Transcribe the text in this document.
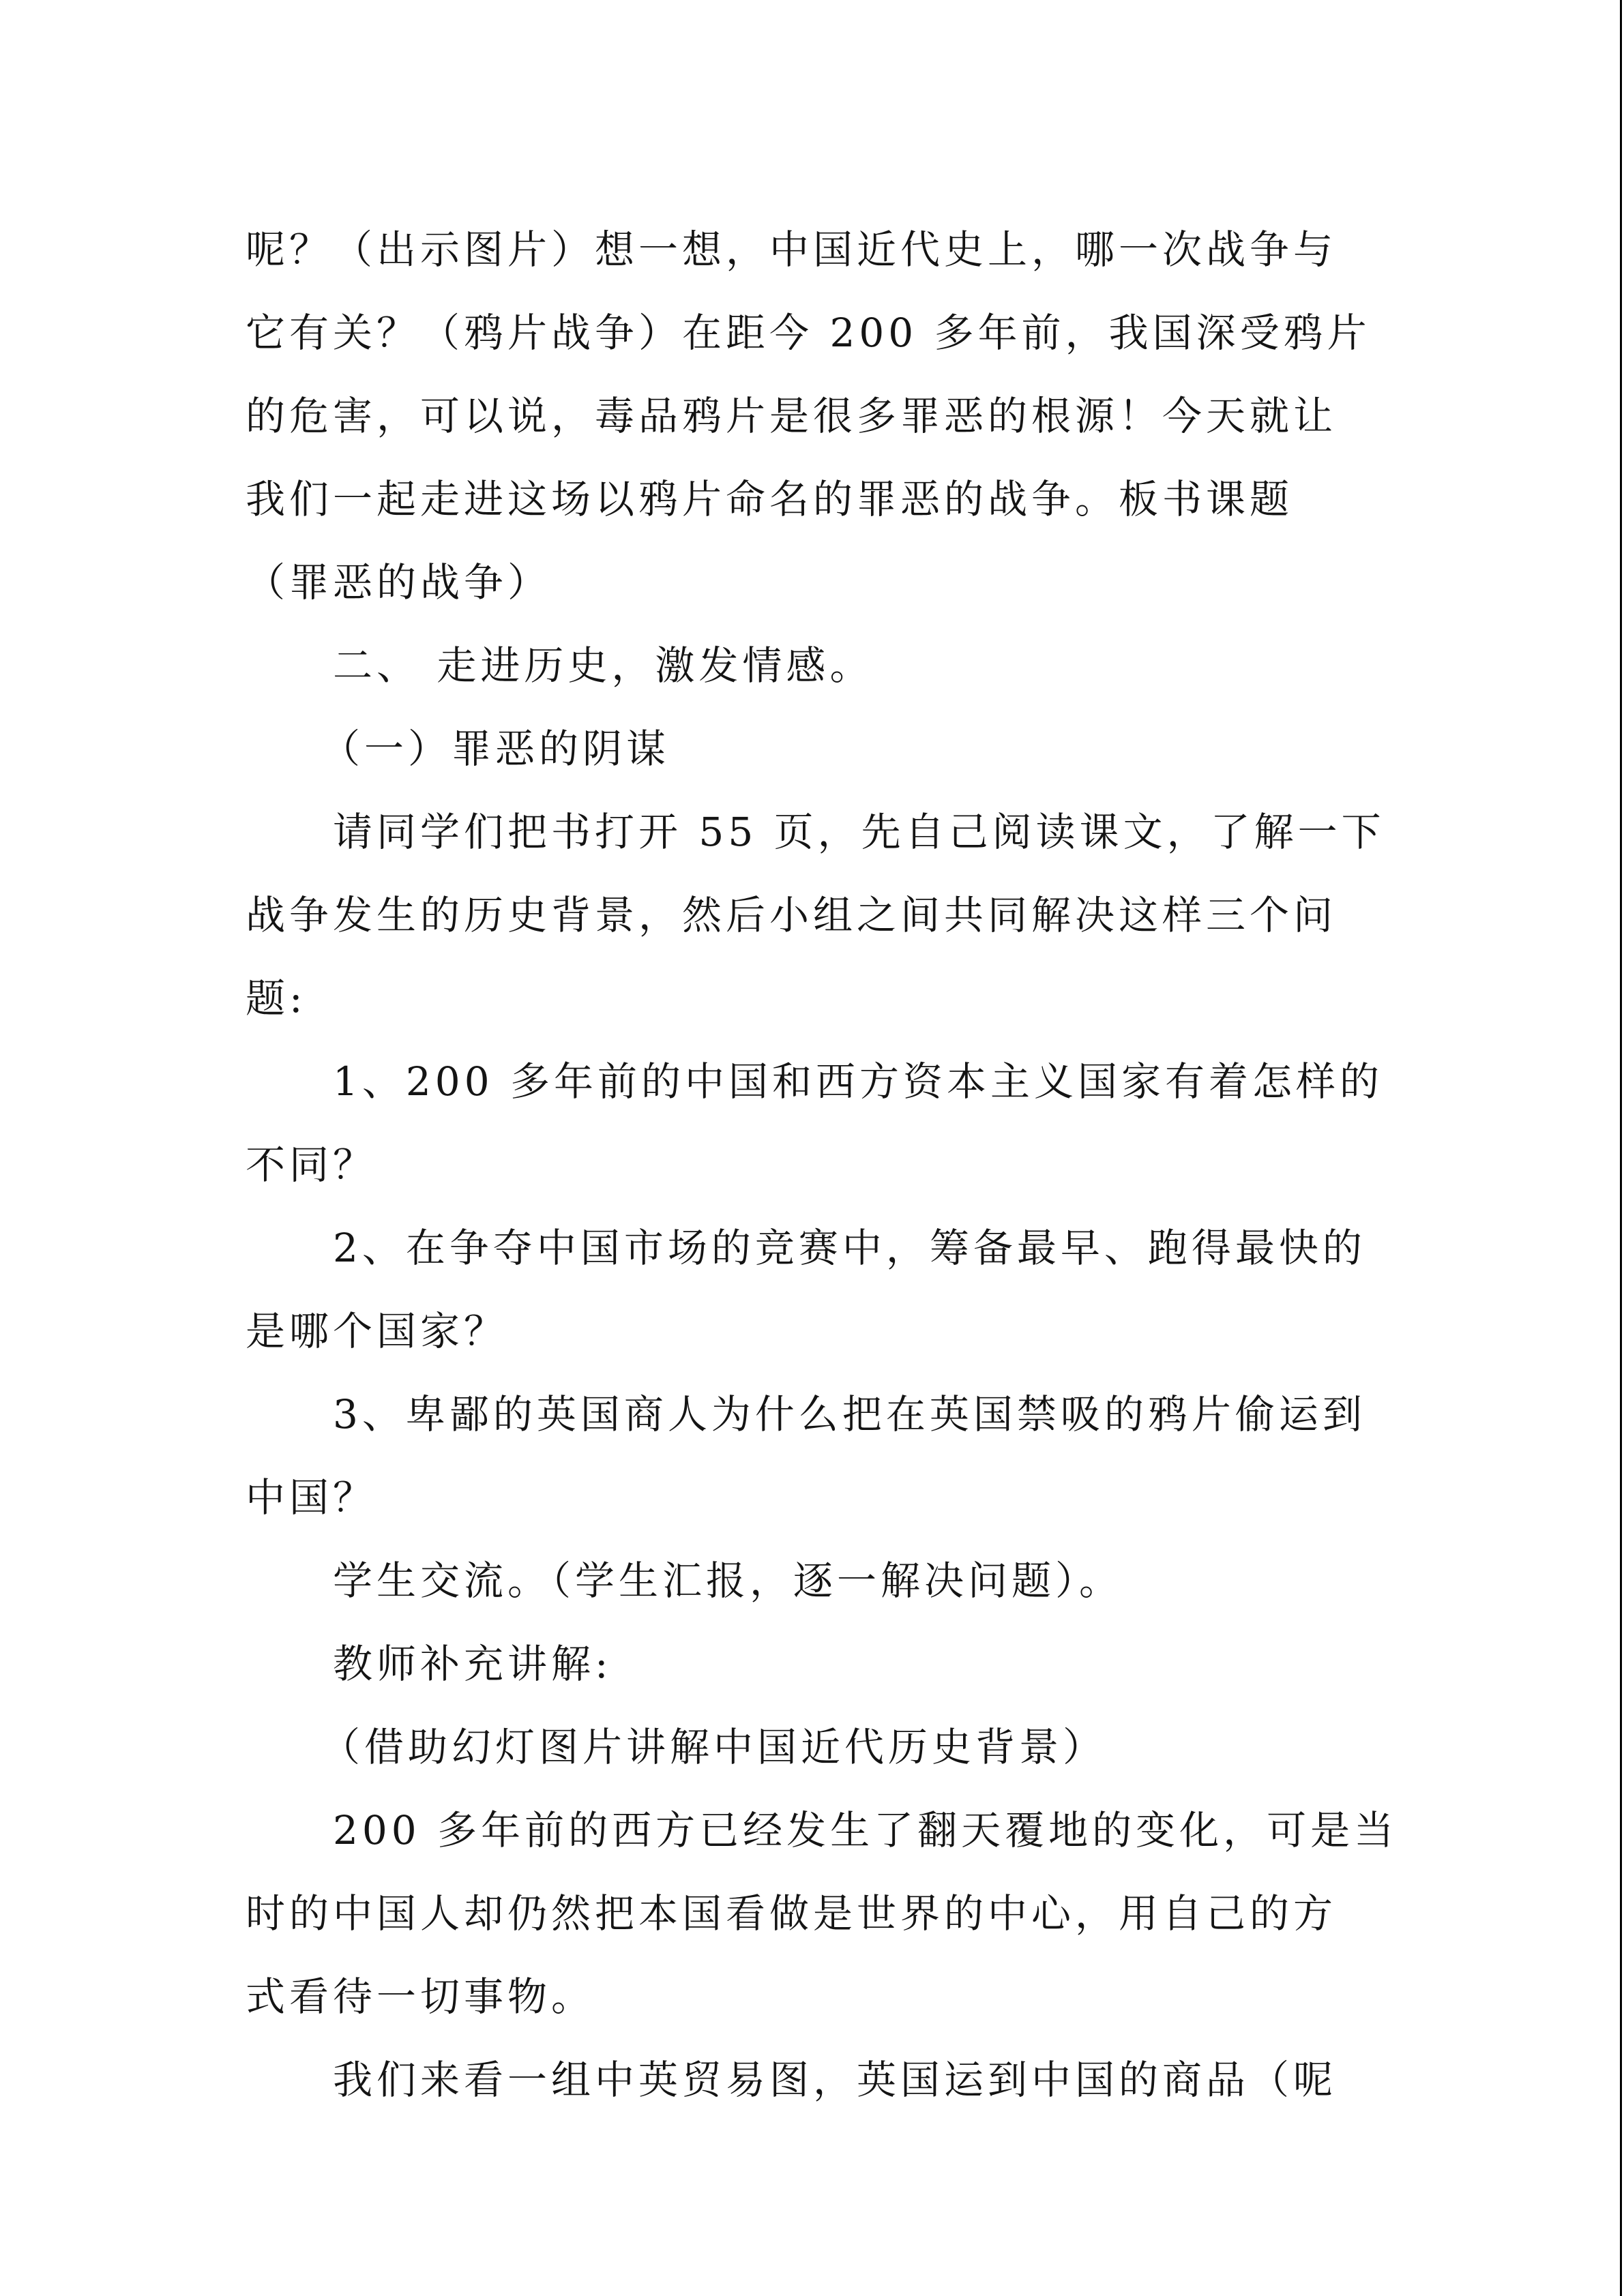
呢？（出示图片）想一想，中国近代史上，哪一次战争与
它有关？（鸦片战争）在距今 200 多年前，我国深受鸦片
的危害，可以说，毒品鸦片是很多罪恶的根源！今天就让
我们一起走进这场以鸦片命名的罪恶的战争。板书课题
（罪恶的战争）
二、 走进历史，激发情感。
（一）罪恶的阴谋
请同学们把书打开 55 页，先自己阅读课文，了解一下
战争发生的历史背景，然后小组之间共同解决这样三个问
题:
1、200 多年前的中国和西方资本主义国家有着怎样的
不同？
2、在争夺中国市场的竞赛中，筹备最早、跑得最快的
是哪个国家？
3、卑鄙的英国商人为什么把在英国禁吸的鸦片偷运到
中国？
学生交流。（学生汇报，逐一解决问题）。
教师补充讲解:
（借助幻灯图片讲解中国近代历史背景）
200 多年前的西方已经发生了翻天覆地的变化，可是当
时的中国人却仍然把本国看做是世界的中心，用自己的方
式看待一切事物。
我们来看一组中英贸易图，英国运到中国的商品（呢
